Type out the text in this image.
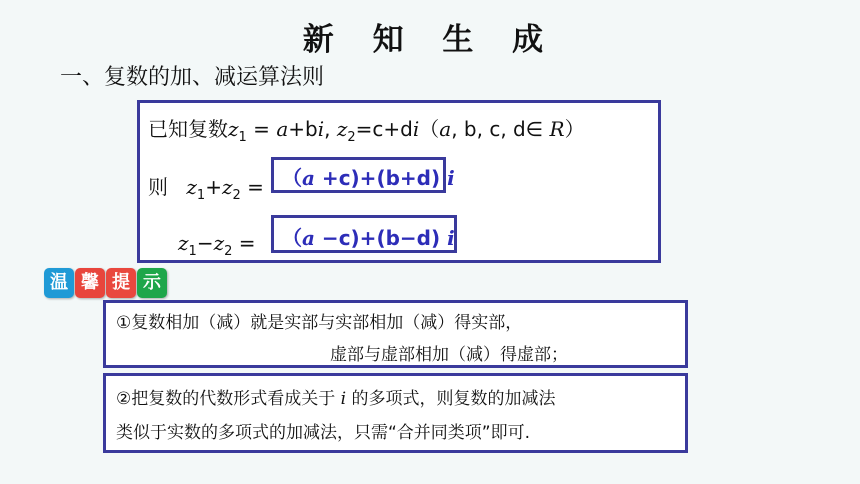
新 知 生 成
一、复数的加、减运算法则
已知复数$z_1 = a+bi$, $z_2=c+di(a$, b, c, d∈ R）
则 $z_1+z_2$ =
$z_1-z_2$ =
（a +c)+(b+d) i
（a −c)+(b−d) i
温 馨 提 示
①复数相加（减）就是实部与实部相加（减）得实部，
虚部与虚部相加（减）得虚部；
②把复数的代数形式看成关于 i 的多项式，则复数的加减法
类似于实数的多项式的加减法，只需“合并同类项”即可.
